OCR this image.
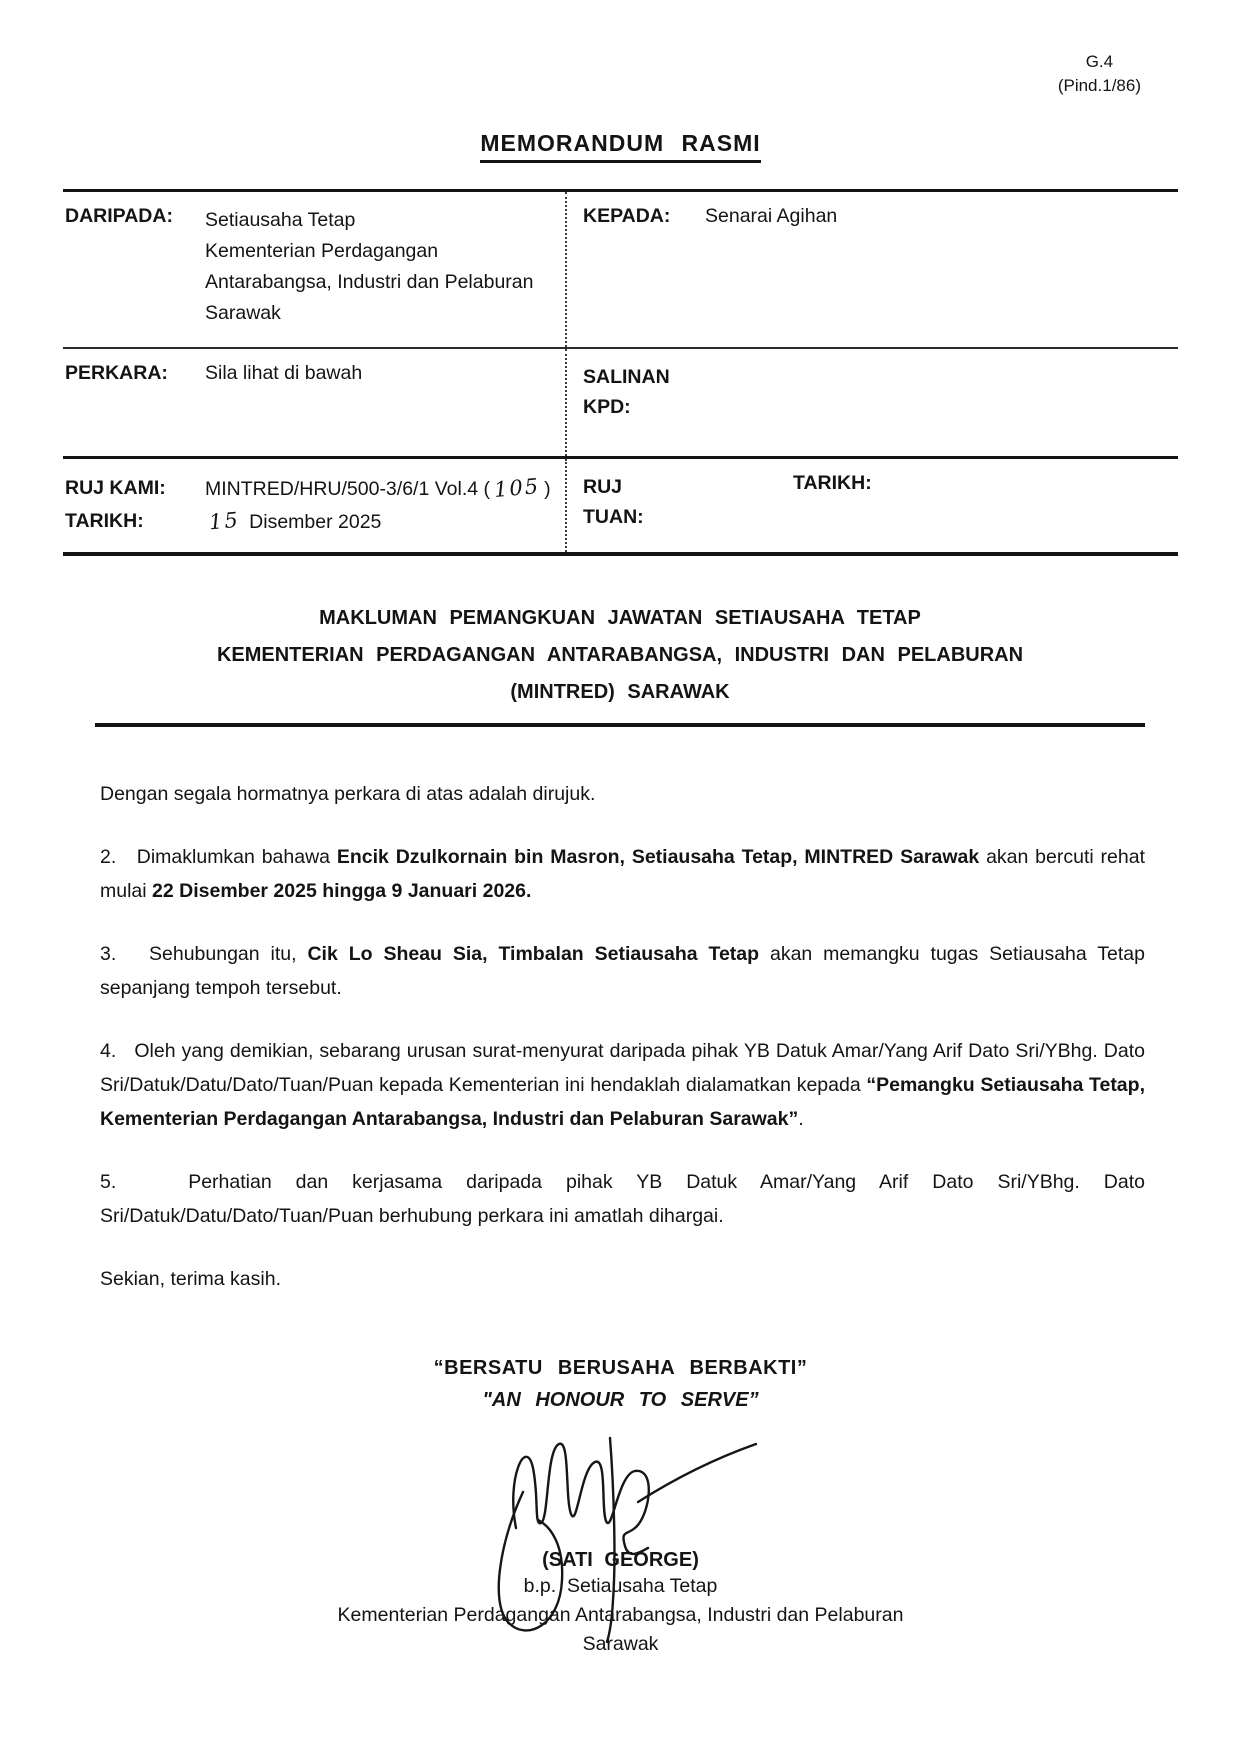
G.4
(Pind.1/86)
MEMORANDUM RASMI
DARIPADA:	Setiausaha Tetap
Kementerian Perdagangan
Antarabangsa, Industri dan Pelaburan
Sarawak
KEPADA:	Senarai Agihan
PERKARA:	Sila lihat di bawah	SALINAN
KPD:
RUJ KAMI:	MINTRED/HRU/500-3/6/1 Vol.4 ( 105 )
TARIKH:	15 Disember 2025
RUJ
TUAN:
TARIKH:
MAKLUMAN PEMANGKUAN JAWATAN SETIAUSAHA TETAP
KEMENTERIAN PERDAGANGAN ANTARABANGSA, INDUSTRI DAN PELABURAN
(MINTRED) SARAWAK

Dengan segala hormatnya perkara di atas adalah dirujuk.

2.   Dimaklumkan bahawa Encik Dzulkornain bin Masron, Setiausaha Tetap, MINTRED Sarawak akan bercuti rehat mulai 22 Disember 2025 hingga 9 Januari 2026.

3.   Sehubungan itu, Cik Lo Sheau Sia, Timbalan Setiausaha Tetap akan memangku tugas Setiausaha Tetap sepanjang tempoh tersebut.

4.   Oleh yang demikian, sebarang urusan surat-menyurat daripada pihak YB Datuk Amar/Yang Arif Dato Sri/YBhg. Dato Sri/Datuk/Datu/Dato/Tuan/Puan kepada Kementerian ini hendaklah dialamatkan kepada “Pemangku Setiausaha Tetap, Kementerian Perdagangan Antarabangsa, Industri dan Pelaburan Sarawak”.

5.   Perhatian dan kerjasama daripada pihak YB Datuk Amar/Yang Arif Dato Sri/YBhg. Dato Sri/Datuk/Datu/Dato/Tuan/Puan berhubung perkara ini amatlah dihargai.

Sekian, terima kasih.

“BERSATU BERUSAHA BERBAKTI”
"AN HONOUR TO SERVE”
(SATI GEORGE)
b.p.  Setiausaha Tetap
Kementerian Perdagangan Antarabangsa, Industri dan Pelaburan
Sarawak
